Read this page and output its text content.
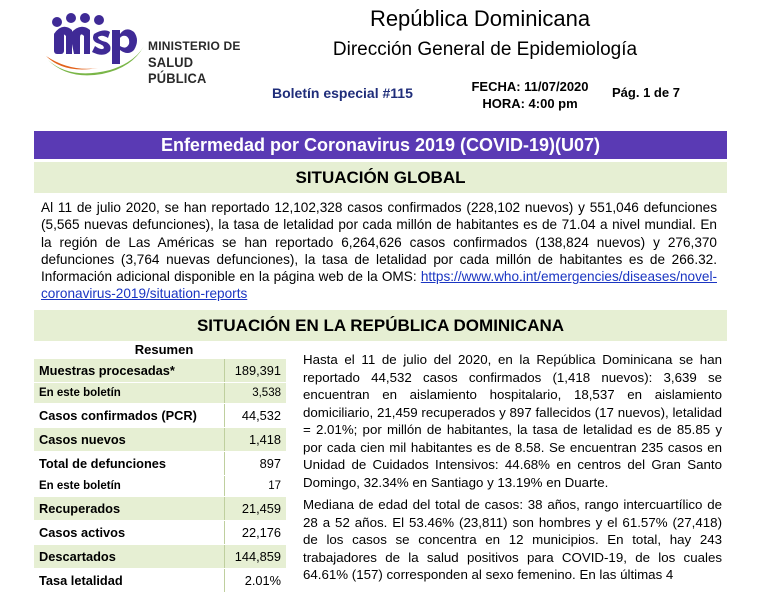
MINISTERIO DE
SALUD PÚBLICA
República Dominicana
Dirección General de Epidemiología
Boletín especial #115	FECHA: 11/07/2020
HORA: 4:00 pm
Pág. 1 de 7
Enfermedad por Coronavirus 2019 (COVID-19)(U07)
SITUACIÓN GLOBAL
Al 11 de julio 2020, se han reportado 12,102,328 casos confirmados (228,102 nuevos) y 551,046 defunciones (5,565 nuevas defunciones), la tasa de letalidad por cada millón de habitantes es de 71.04 a nivel mundial. En la región de Las Américas se han reportado 6,264,626 casos confirmados (138,824 nuevos) y 276,370 defunciones (3,764 nuevas defunciones), la tasa de letalidad por cada millón de habitantes es de 266.32. Información adicional disponible en la página web de la OMS: https://www.who.int/emergencies/diseases/novel-coronavirus-2019/situation-reports
SITUACIÓN EN LA REPÚBLICA DOMINICANA
Resumen
Muestras procesadas*	189,391
En este boletín	3,538
Casos confirmados (PCR)	44,532
Casos nuevos	1,418
Total de defunciones	897
En este boletín	17
Recuperados	21,459
Casos activos	22,176
Descartados	144,859
Tasa letalidad	2.01%

Hasta el 11 de julio del 2020, en la República Dominicana se han reportado 44,532 casos confirmados (1,418 nuevos): 3,639 se encuentran en aislamiento hospitalario, 18,537 en aislamiento domiciliario, 21,459 recuperados y 897 fallecidos (17 nuevos), letalidad = 2.01%; por millón de habitantes, la tasa de letalidad es de 85.85 y por cada cien mil habitantes es de 8.58. Se encuentran 235 casos en Unidad de Cuidados Intensivos: 44.68% en centros del Gran Santo Domingo, 32.34% en Santiago y 13.19% en Duarte.

Mediana de edad del total de casos: 38 años, rango intercuartílico de 28 a 52 años. El 53.46% (23,811) son hombres y el 61.57% (27,418) de los casos se concentra en 12 municipios. En total, hay 243 trabajadores de la salud positivos para COVID-19, de los cuales 64.61% (157) corresponden al sexo femenino. En las últimas 4
